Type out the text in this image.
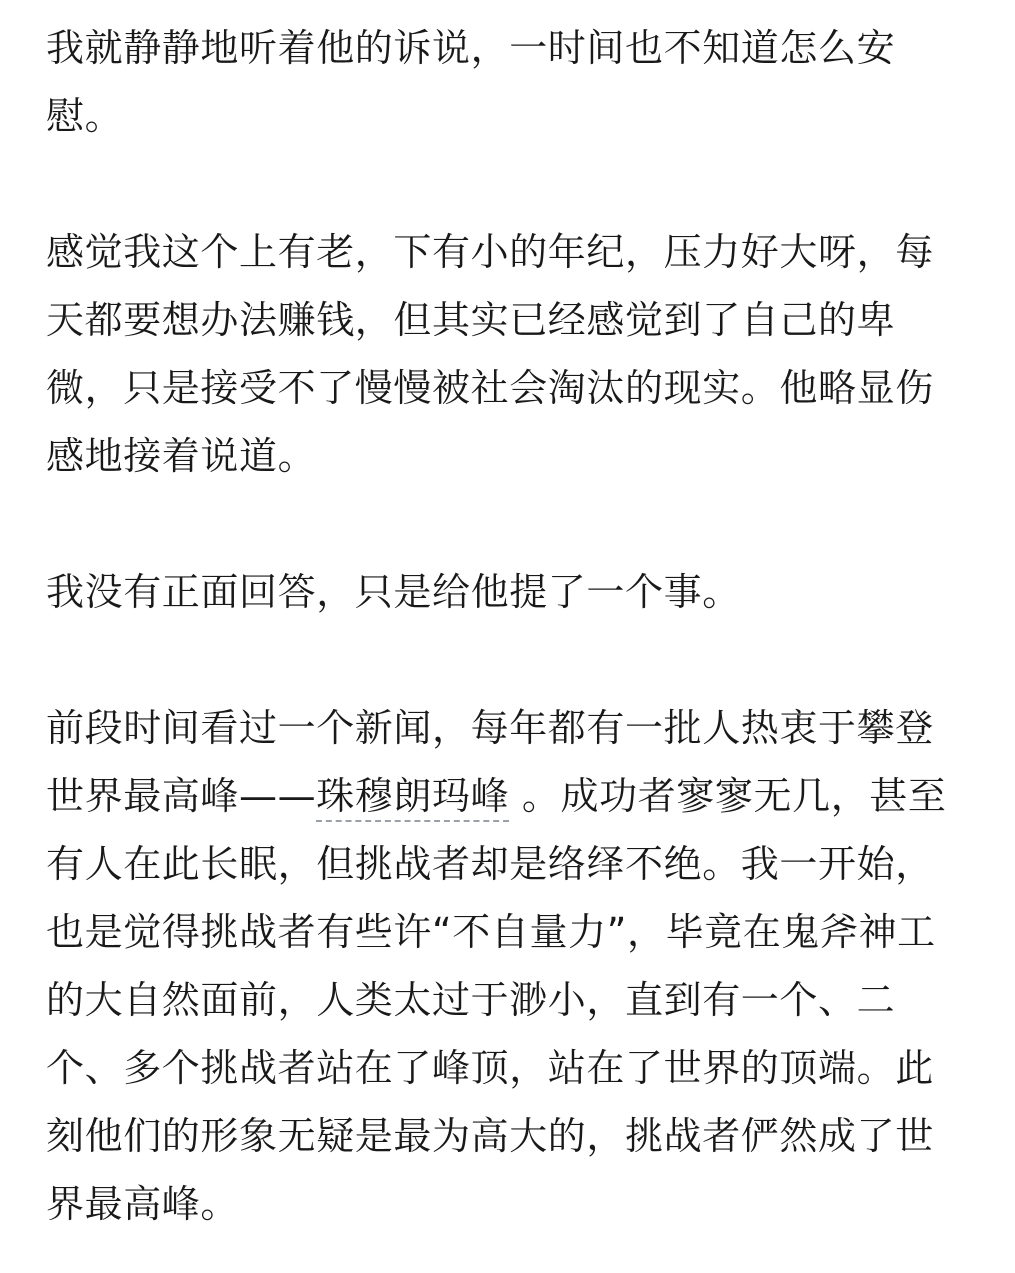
我就静静地听着他的诉说，一时间也不知道怎么安慰。

感觉我这个上有老，下有小的年纪，压力好大呀，每天都要想办法赚钱，但其实已经感觉到了自己的卑微，只是接受不了慢慢被社会淘汰的现实。他略显伤感地接着说道。

我没有正面回答，只是给他提了一个事。

前段时间看过一个新闻，每年都有一批人热衷于攀登世界最高峰——珠穆朗玛峰 。成功者寥寥无几，甚至有人在此长眠，但挑战者却是络绎不绝。我一开始，也是觉得挑战者有些许“不自量力”，毕竟在鬼斧神工的大自然面前，人类太过于渺小，直到有一个、二个、多个挑战者站在了峰顶，站在了世界的顶端。此刻他们的形象无疑是最为高大的，挑战者俨然成了世界最高峰。
